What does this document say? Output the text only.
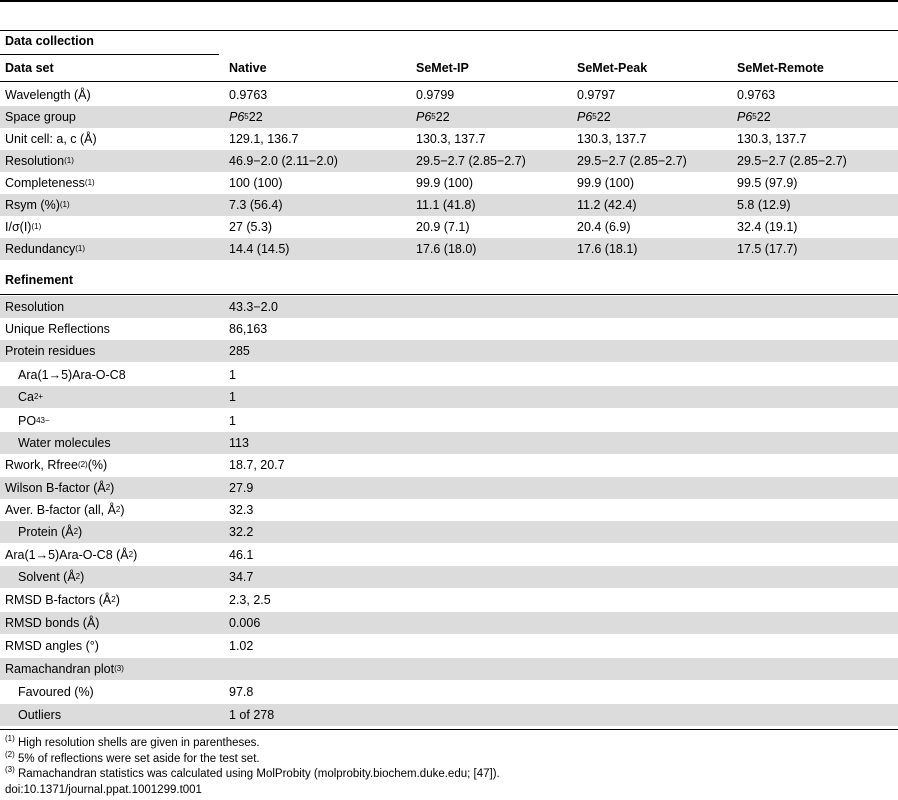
Data collection
Data set	Native	SeMet-IP	SeMet-Peak	SeMet-Remote
Wavelength (Å)	0.9763	0.9799	0.9797	0.9763
Space group	P6 5 22	P6 5 22	P6 5 22	P6 5 22
Unit cell: a, c (Å)	129.1, 136.7	130.3, 137.7	130.3, 137.7	130.3, 137.7
Resolution (1)	46.9−2.0 (2.11−2.0)	29.5−2.7 (2.85−2.7)	29.5−2.7 (2.85−2.7)	29.5−2.7 (2.85−2.7)
Completeness (1)	100 (100)	99.9 (100)	99.9 (100)	99.5 (97.9)
Rsym (%) (1)	7.3 (56.4)	11.1 (41.8)	11.2 (42.4)	5.8 (12.9)
I/σ(I) (1)	27 (5.3)	20.9 (7.1)	20.4 (6.9)	32.4 (19.1)
Redundancy (1)	14.4 (14.5)	17.6 (18.0)	17.6 (18.1)	17.5 (17.7)
Refinement
Resolution	43.3−2.0
Unique Reflections	86,163
Protein residues	285
Ara(1→5)Ara-O-C8	1
Ca 2+	1
PO 4 3−	1
Water molecules	113
Rwork, Rfree (2) (%)	18.7, 20.7
Wilson B-factor (Å 2 )	27.9
Aver. B-factor (all, Å 2 )	32.3
Protein (Å 2 )	32.2
Ara(1→5)Ara-O-C8 (Å 2 )	46.1
Solvent (Å 2 )	34.7
RMSD B-factors (Å 2 )	2.3, 2.5
RMSD bonds (Å)	0.006
RMSD angles (°)	1.02
Ramachandran plot (3)
Favoured (%)	97.8
Outliers	1 of 278
$^{(1)}$ High resolution shells are given in parentheses.
$^{(2)}$ 5% of reflections were set aside for the test set.
$^{(3)}$ Ramachandran statistics was calculated using MolProbity (molprobity.biochem.duke.edu; [47]).
doi:10.1371/journal.ppat.1001299.t001
